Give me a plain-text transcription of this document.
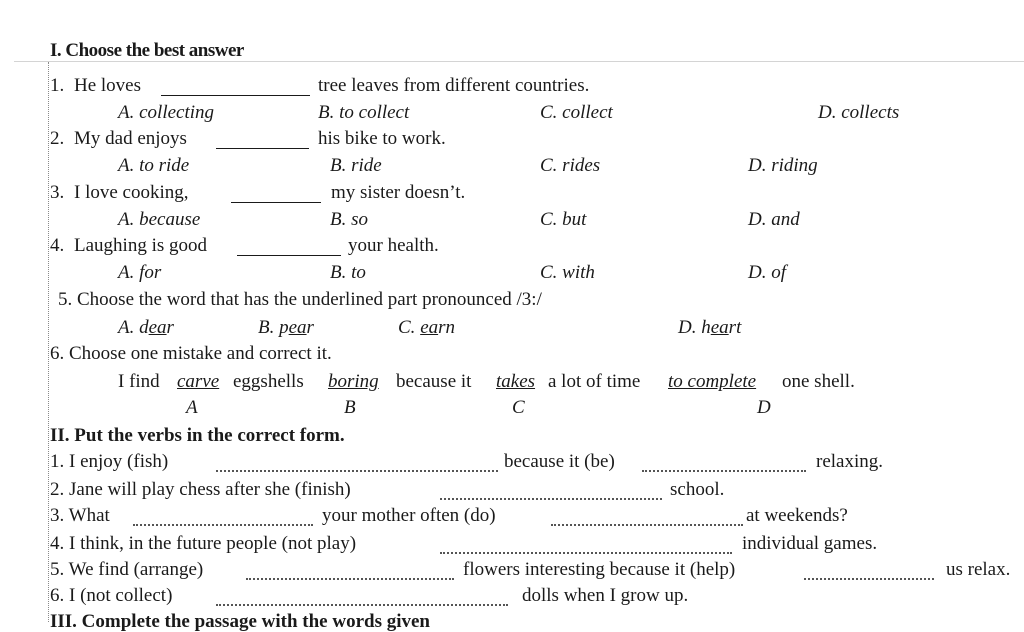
I. Choose the best answer
1. He loves	tree leaves from different countries.
A. collecting	B. to collect	C. collect	D. collects
2. My dad enjoys	his bike to work.
A. to ride	B. ride	C. rides	D. riding
3. I love cooking,	my sister doesn’t.
A. because	B. so	C. but	D. and
4. Laughing is good	your health.
A. for	B. to	C. with	D. of
5. Choose the word that has the underlined part pronounced /3:/
A. dear	B. pear	C. earn	D. heart
6. Choose one mistake and correct it.
I find carve eggshells boring because it takes a lot of time to complete one shell.
A	B	C	D
II. Put the verbs in the correct form.
1. I enjoy (fish)	because it (be)	relaxing.
2. Jane will play chess after she (finish)	school.
3. What	your mother often (do)	at weekends?
4. I think, in the future people (not play)	individual games.
5. We find (arrange)	flowers interesting because it (help)	us relax.
6. I (not collect)	dolls when I grow up.
III. Complete the passage with the words given
